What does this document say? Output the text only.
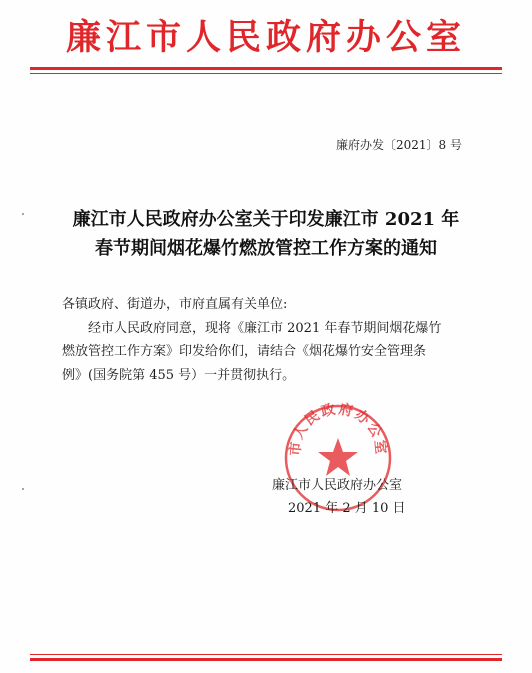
廉江市人民政府办公室
廉府办发〔2021〕8 号
廉江市人民政府办公室关于印发廉江市 2021 年
春节期间烟花爆竹燃放管控工作方案的通知

各镇政府、街道办，市府直属有关单位:

经市人民政府同意，现将《廉江市 2021 年春节期间烟花爆竹

燃放管控工作方案》印发给你们，请结合《烟花爆竹安全管理条

例》(国务院第 455 号）一并贯彻执行。

市人民政府办公室
廉江市人民政府办公室
2021 年 2 月 10 日
